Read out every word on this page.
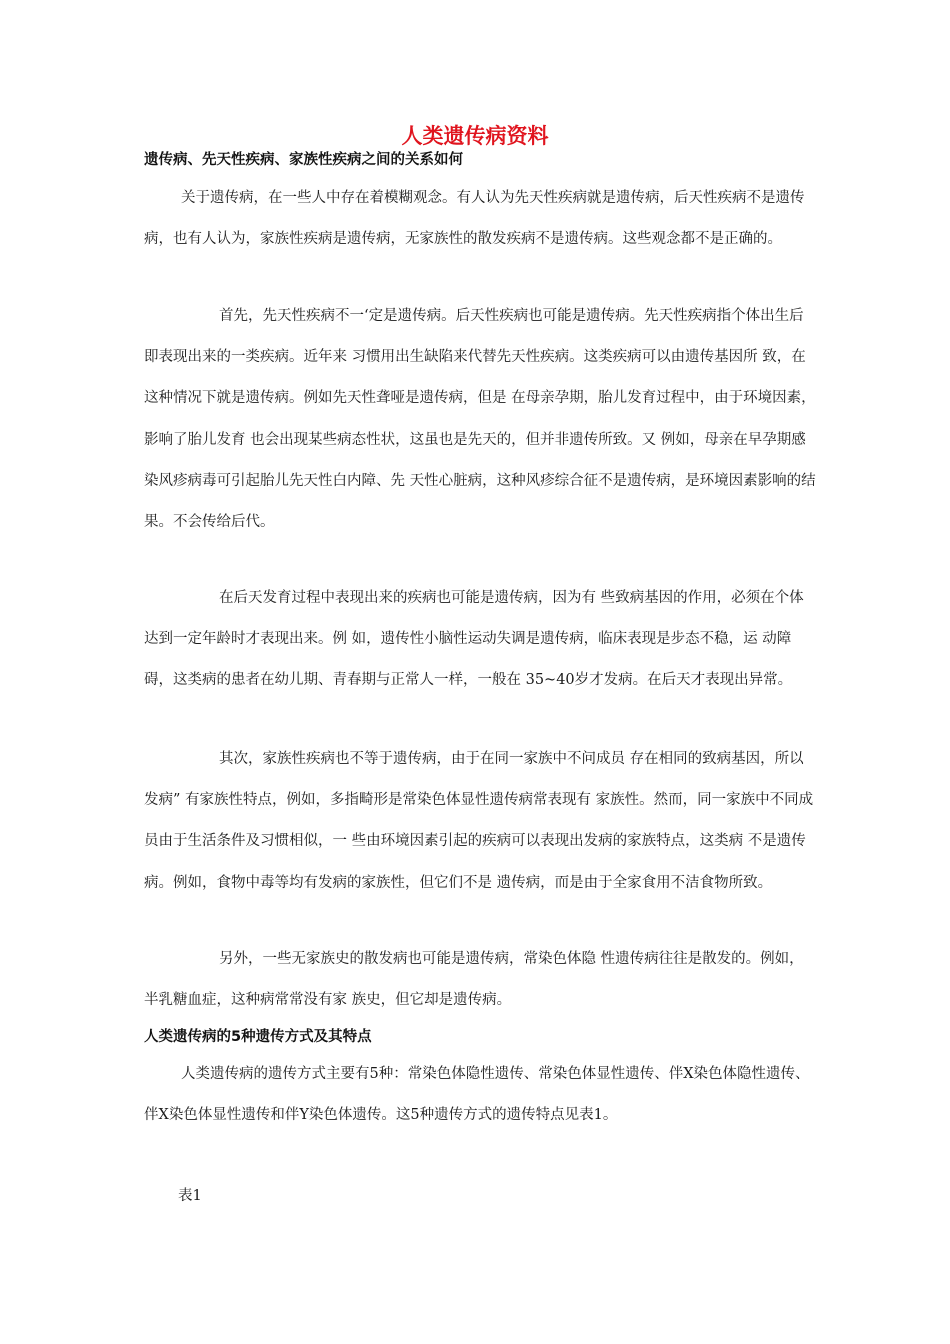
人类遗传病资料
遗传病、先天性疾病、家族性疾病之间的关系如何

关于遗传病，在一些人中存在着模糊观念。有人认为先天性疾病就是遗传病，后天性疾病不是遗传病，也有人认为，家族性疾病是遗传病，无家族性的散发疾病不是遗传病。这些观念都不是正确的。

首先，先天性疾病不一‘定是遗传病。后天性疾病也可能是遗传病。先天性疾病指个体出生后即表现出来的一类疾病。近年来 习惯用出生缺陷来代替先天性疾病。这类疾病可以由遗传基因所 致，在这种情况下就是遗传病。例如先天性聋哑是遗传病，但是 在母亲孕期，胎儿发育过程中，由于环境因素，影响了胎儿发育 也会出现某些病态性状，这虽也是先天的，但并非遗传所致。又 例如，母亲在早孕期感染风疹病毒可引起胎儿先天性白内障、先 天性心脏病，这种风疹综合征不是遗传病，是环境因素影响的结 果。不会传给后代。

在后天发育过程中表现出来的疾病也可能是遗传病，因为有 些致病基因的作用，必须在个体达到一定年龄时才表现出来。例 如，遗传性小脑性运动失调是遗传病，临床表现是步态不稳，运 动障碍，这类病的患者在幼儿期、青春期与正常人一样，一般在 35~40岁才发病。在后天才表现出异常。

其次，家族性疾病也不等于遗传病，由于在同一家族中不问成员 存在相同的致病基因，所以发病” 有家族性特点，例如，多指畸形是常染色体显性遗传病常表现有 家族性。然而，同一家族中不同成员由于生活条件及习惯相似，一 些由环境因素引起的疾病可以表现出发病的家族特点，这类病 不是遗传病。例如，食物中毒等均有发病的家族性，但它们不是 遗传病，而是由于全家食用不洁食物所致。

另外，一些无家族史的散发病也可能是遗传病，常染色体隐 性遗传病往往是散发的。例如，半乳糖血症，这种病常常没有家 族史，但它却是遗传病。

人类遗传病的5种遗传方式及其特点

人类遗传病的遗传方式主要有5种：常染色体隐性遗传、常染色体显性遗传、伴X染色体隐性遗传、伴X染色体显性遗传和伴Y染色体遗传。这5种遗传方式的遗传特点见表1。

表1
